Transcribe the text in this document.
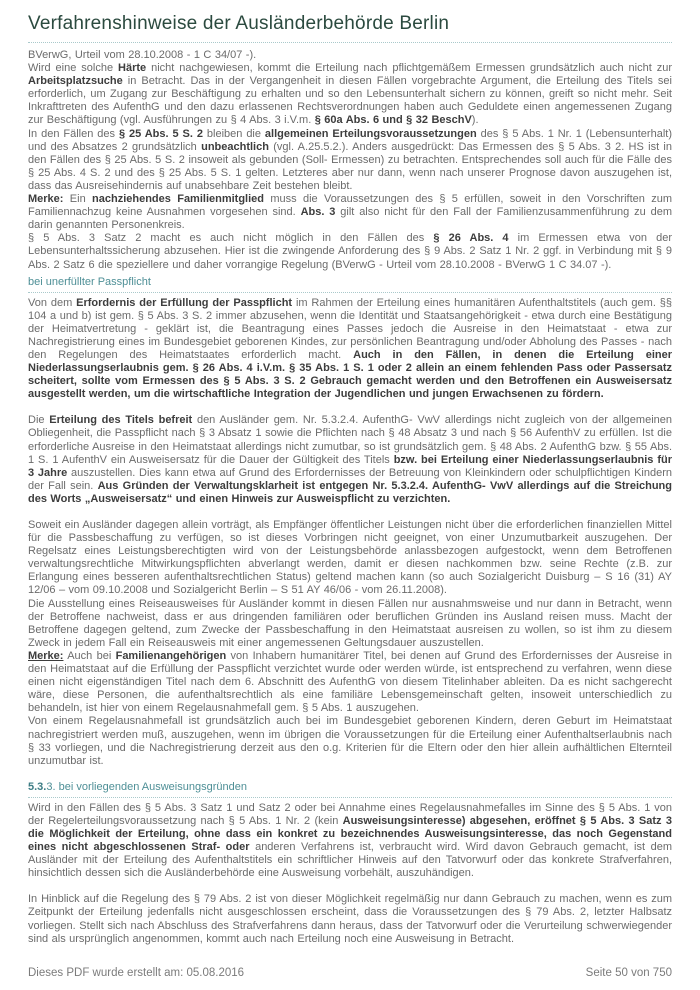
Verfahrenshinweise der Ausländerbehörde Berlin

BVerwG, Urteil vom 28.10.2008 - 1 C 34/07 -).

Wird eine solche Härte nicht nachgewiesen, kommt die Erteilung nach pflichtgemäßem Ermessen grundsätzlich auch nicht zur Arbeitsplatzsuche in Betracht. Das in der Vergangenheit in diesen Fällen vorgebrachte Argument, die Erteilung des Titels sei erforderlich, um Zugang zur Beschäftigung zu erhalten und so den Lebensunterhalt sichern zu können, greift so nicht mehr. Seit Inkrafttreten des AufenthG und den dazu erlassenen Rechtsverordnungen haben auch Geduldete einen angemessenen Zugang zur Beschäftigung (vgl. Ausführungen zu § 4 Abs. 3 i.V.m. § 60a Abs. 6 und § 32 BeschV).

In den Fällen des § 25 Abs. 5 S. 2 bleiben die allgemeinen Erteilungsvoraussetzungen des § 5 Abs. 1 Nr. 1 (Lebensunterhalt) und des Absatzes 2 grundsätzlich unbeachtlich (vgl. A.25.5.2.). Anders ausgedrückt: Das Ermessen des § 5 Abs. 3 2. HS ist in den Fällen des § 25 Abs. 5 S. 2 insoweit als gebunden (Soll- Ermessen) zu betrachten. Entsprechendes soll auch für die Fälle des § 25 Abs. 4 S. 2 und des § 25 Abs. 5 S. 1 gelten. Letzteres aber nur dann, wenn nach unserer Prognose davon auszugehen ist, dass das Ausreisehindernis auf unabsehbare Zeit bestehen bleibt.

Merke: Ein nachziehendes Familienmitglied muss die Voraussetzungen des § 5 erfüllen, soweit in den Vorschriften zum Familiennachzug keine Ausnahmen vorgesehen sind. Abs. 3 gilt also nicht für den Fall der Familienzusammenführung zu dem darin genannten Personenkreis.

§ 5 Abs. 3 Satz 2 macht es auch nicht möglich in den Fällen des § 26 Abs. 4 im Ermessen etwa von der Lebensunterhaltssicherung abzusehen. Hier ist die zwingende Anforderung des § 9 Abs. 2 Satz 1 Nr. 2 ggf. in Verbindung mit § 9 Abs. 2 Satz 6 die speziellere und daher vorrangige Regelung (BVerwG - Urteil vom 28.10.2008 - BVerwG 1 C 34.07 -).

bei unerfüllter Passpflicht

Von dem Erfordernis der Erfüllung der Passpflicht im Rahmen der Erteilung eines humanitären Aufenthaltstitels (auch gem. §§ 104 a und b) ist gem. § 5 Abs. 3 S. 2 immer abzusehen, wenn die Identität und Staatsangehörigkeit - etwa durch eine Bestätigung der Heimatvertretung - geklärt ist, die Beantragung eines Passes jedoch die Ausreise in den Heimatstaat - etwa zur Nachregistrierung eines im Bundesgebiet geborenen Kindes, zur persönlichen Beantragung und/oder Abholung des Passes - nach den Regelungen des Heimatstaates erforderlich macht. Auch in den Fällen, in denen die Erteilung einer Niederlassungserlaubnis gem. § 26 Abs. 4 i.V.m. § 35 Abs. 1 S. 1 oder 2 allein an einem fehlenden Pass oder Passersatz scheitert, sollte vom Ermessen des § 5 Abs. 3 S. 2 Gebrauch gemacht werden und den Betroffenen ein Ausweisersatz ausgestellt werden, um die wirtschaftliche Integration der Jugendlichen und jungen Erwachsenen zu fördern.

Die Erteilung des Titels befreit den Ausländer gem. Nr. 5.3.2.4. AufenthG- VwV allerdings nicht zugleich von der allgemeinen Obliegenheit, die Passpflicht nach § 3 Absatz 1 sowie die Pflichten nach § 48 Absatz 3 und nach § 56 AufenthV zu erfüllen. Ist die erforderliche Ausreise in den Heimatstaat allerdings nicht zumutbar, so ist grundsätzlich gem. § 48 Abs. 2 AufenthG bzw. § 55 Abs. 1 S. 1 AufenthV ein Ausweisersatz für die Dauer der Gültigkeit des Titels bzw. bei Erteilung einer Niederlassungserlaubnis für 3 Jahre auszustellen. Dies kann etwa auf Grund des Erfordernisses der Betreuung von Kleinkindern oder schulpflichtigen Kindern der Fall sein. Aus Gründen der Verwaltungsklarheit ist entgegen Nr. 5.3.2.4. AufenthG- VwV allerdings auf die Streichung des Worts „Ausweisersatz“ und einen Hinweis zur Ausweispflicht zu verzichten.

Soweit ein Ausländer dagegen allein vorträgt, als Empfänger öffentlicher Leistungen nicht über die erforderlichen finanziellen Mittel für die Passbeschaffung zu verfügen, so ist dieses Vorbringen nicht geeignet, von einer Unzumutbarkeit auszugehen. Der Regelsatz eines Leistungsberechtigten wird von der Leistungsbehörde anlassbezogen aufgestockt, wenn dem Betroffenen verwaltungsrechtliche Mitwirkungspflichten abverlangt werden, damit er diesen nachkommen bzw. seine Rechte (z.B. zur Erlangung eines besseren aufenthaltsrechtlichen Status) geltend machen kann (so auch Sozialgericht Duisburg – S 16 (31) AY 12/06 – vom 09.10.2008 und Sozialgericht Berlin – S 51 AY 46/06 - vom 26.11.2008).

Die Ausstellung eines Reiseausweises für Ausländer kommt in diesen Fällen nur ausnahmsweise und nur dann in Betracht, wenn der Betroffene nachweist, dass er aus dringenden familiären oder beruflichen Gründen ins Ausland reisen muss. Macht der Betroffene dagegen geltend, zum Zwecke der Passbeschaffung in den Heimatstaat ausreisen zu wollen, so ist ihm zu diesem Zweck in jedem Fall ein Reiseausweis mit einer angemessenen Geltungsdauer auszustellen.

Merke: Auch bei Familienangehörigen von Inhabern humanitärer Titel, bei denen auf Grund des Erfordernisses der Ausreise in den Heimatstaat auf die Erfüllung der Passpflicht verzichtet wurde oder werden würde, ist entsprechend zu verfahren, wenn diese einen nicht eigenständigen Titel nach dem 6. Abschnitt des AufenthG von diesem Titelinhaber ableiten. Da es nicht sachgerecht wäre, diese Personen, die aufenthaltsrechtlich als eine familiäre Lebensgemeinschaft gelten, insoweit unterschiedlich zu behandeln, ist hier von einem Regelausnahmefall gem. § 5 Abs. 1 auszugehen.

Von einem Regelausnahmefall ist grundsätzlich auch bei im Bundesgebiet geborenen Kindern, deren Geburt im Heimatstaat nachregistriert werden muß, auszugehen, wenn im übrigen die Voraussetzungen für die Erteilung einer Aufenthaltserlaubnis nach § 33 vorliegen, und die Nachregistrierung derzeit aus den o.g. Kriterien für die Eltern oder den hier allein aufhältlichen Elternteil unzumutbar ist.

5.3.3. bei vorliegenden Ausweisungsgründen

Wird in den Fällen des § 5 Abs. 3 Satz 1 und Satz 2 oder bei Annahme eines Regelausnahmefalles im Sinne des § 5 Abs. 1 von der Regelerteilungsvoraussetzung nach § 5 Abs. 1 Nr. 2 (kein Ausweisungsinteresse) abgesehen, eröffnet § 5 Abs. 3 Satz 3 die Möglichkeit der Erteilung, ohne dass ein konkret zu bezeichnendes Ausweisungsinteresse, das noch Gegenstand eines nicht abgeschlossenen Straf- oder anderen Verfahrens ist, verbraucht wird. Wird davon Gebrauch gemacht, ist dem Ausländer mit der Erteilung des Aufenthaltstitels ein schriftlicher Hinweis auf den Tatvorwurf oder das konkrete Strafverfahren, hinsichtlich dessen sich die Ausländerbehörde eine Ausweisung vorbehält, auszuhändigen.

In Hinblick auf die Regelung des § 79 Abs. 2 ist von dieser Möglichkeit regelmäßig nur dann Gebrauch zu machen, wenn es zum Zeitpunkt der Erteilung jedenfalls nicht ausgeschlossen erscheint, dass die Voraussetzungen des § 79 Abs. 2, letzter Halbsatz vorliegen. Stellt sich nach Abschluss des Strafverfahrens dann heraus, dass der Tatvorwurf oder die Verurteilung schwerwiegender sind als ursprünglich angenommen, kommt auch nach Erteilung noch eine Ausweisung in Betracht.

Dieses PDF wurde erstellt am: 05.08.2016	Seite 50 von 750
